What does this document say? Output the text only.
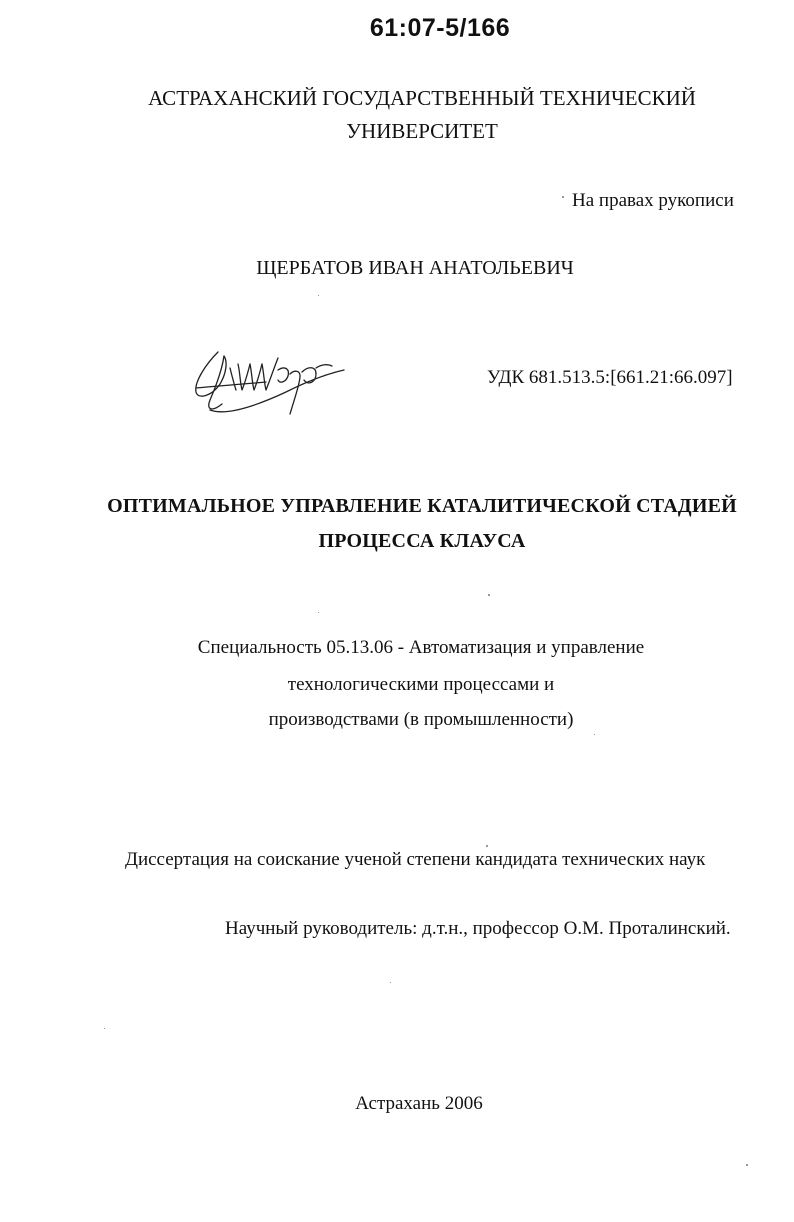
61:07-5/166
АСТРАХАНСКИЙ ГОСУДАРСТВЕННЫЙ ТЕХНИЧЕСКИЙ
УНИВЕРСИТЕТ
На правах рукописи
ЩЕРБАТОВ ИВАН АНАТОЛЬЕВИЧ
УДК 681.513.5:[661.21:66.097]
ОПТИМАЛЬНОЕ УПРАВЛЕНИЕ КАТАЛИТИЧЕСКОЙ СТАДИЕЙ
ПРОЦЕССА КЛАУСА
Специальность 05.13.06 - Автоматизация и управление
технологическими процессами и
производствами (в промышленности)
Диссертация на соискание ученой степени кандидата технических наук
Научный руководитель: д.т.н., профессор О.М. Проталинский.
Астрахань 2006
